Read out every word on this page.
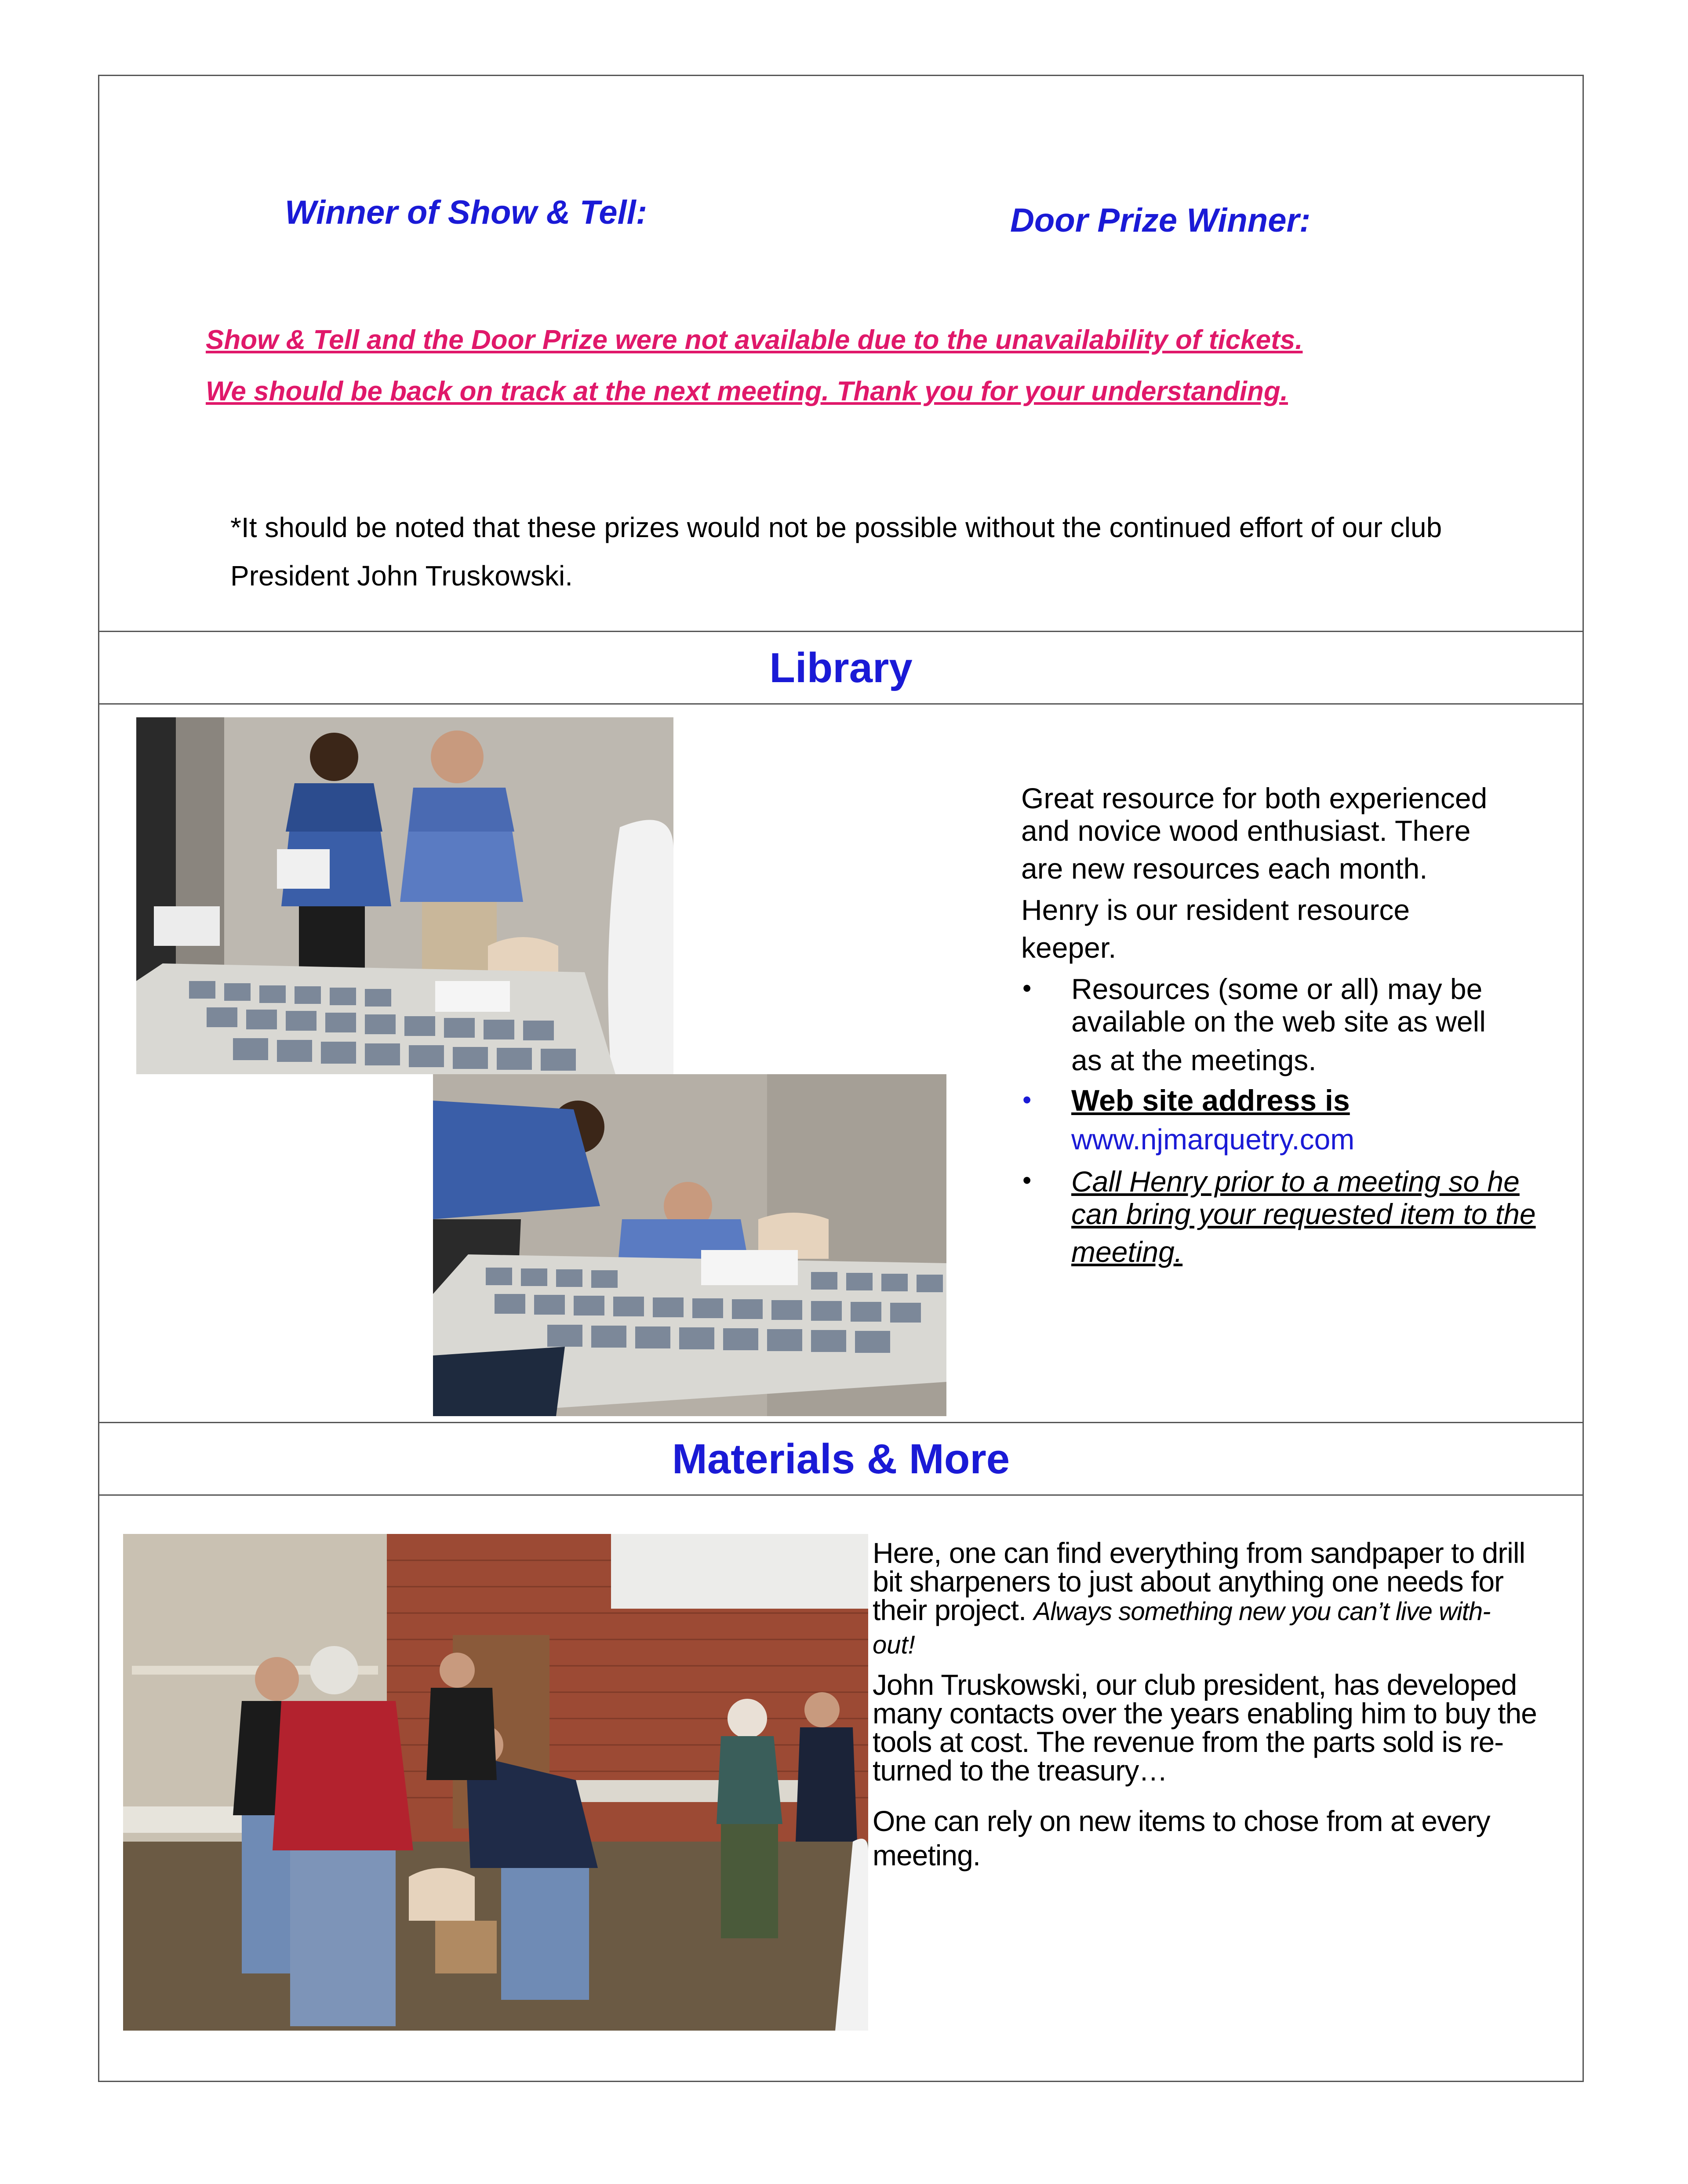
Winner of Show & Tell:	Door Prize Winner:
Show & Tell and the Door Prize were not available due to the unavailability of tickets.
We should be back on track at the next meeting. Thank you for your understanding.
*It should be noted that these prizes would not be possible without the continued effort of our club
President John Truskowski.
Library
Great resource for both experienced
and novice wood enthusiast. There
are new resources each month.
Henry is our resident resource
keeper.
• Resources (some or all) may be
available on the web site as well
as at the meetings.
• Web site address is
www.njmarquetry.com
• Call Henry prior to a meeting so he
can bring your requested item to the
meeting.
Materials & More
Here, one can find everything from sandpaper to drill
bit sharpeners to just about anything one needs for
their project. Always something new you can’t live with-
out!
John Truskowski, our club president, has developed
many contacts over the years enabling him to buy the
tools at cost. The revenue from the parts sold is re-
turned to the treasury…
One can rely on new items to chose from at every
meeting.
